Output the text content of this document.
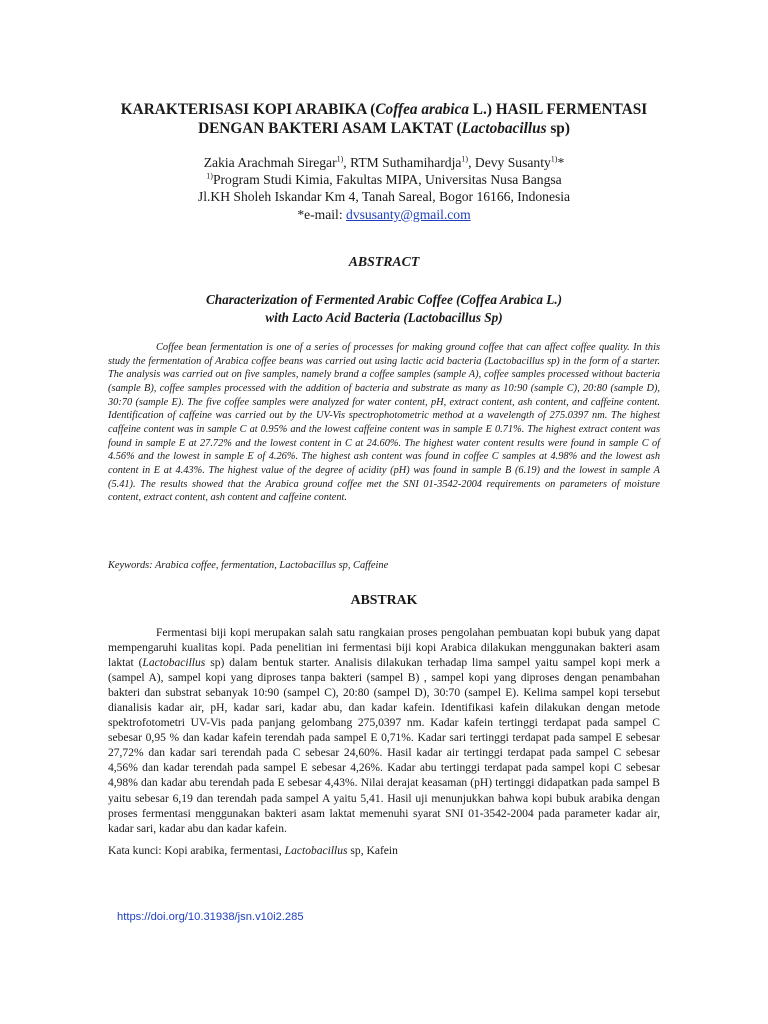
KARAKTERISASI KOPI ARABIKA (Coffea arabica L.) HASIL FERMENTASI
DENGAN BAKTERI ASAM LAKTAT (Lactobacillus sp)
Zakia Arachmah Siregar$^{1)}$, RTM Suthamihardja$^{1)}$, Devy Susanty$^{1)}$*
$^{1)}$Program Studi Kimia, Fakultas MIPA, Universitas Nusa Bangsa
Jl.KH Sholeh Iskandar Km 4, Tanah Sareal, Bogor 16166, Indonesia
*e-mail: dvsusanty@gmail.com
ABSTRACT
Characterization of Fermented Arabic Coffee (Coffea Arabica L.)
with Lacto Acid Bacteria (Lactobacillus Sp)

Coffee bean fermentation is one of a series of processes for making ground coffee that can affect coffee quality. In this study the fermentation of Arabica coffee beans was carried out using lactic acid bacteria (Lactobacillus sp) in the form of a starter. The analysis was carried out on five samples, namely brand a coffee samples (sample A), coffee samples processed without bacteria (sample B), coffee samples processed with the addition of bacteria and substrate as many as 10:90 (sample C), 20:80 (sample D), 30:70 (sample E). The five coffee samples were analyzed for water content, pH, extract content, ash content, and caffeine content. Identification of caffeine was carried out by the UV-Vis spectrophotometric method at a wavelength of 275.0397 nm. The highest caffeine content was in sample C at 0.95% and the lowest caffeine content was in sample E 0.71%. The highest extract content was found in sample E at 27.72% and the lowest content in C at 24.60%. The highest water content results were found in sample C of 4.56% and the lowest in sample E of 4.26%. The highest ash content was found in coffee C samples at 4.98% and the lowest ash content in E at 4.43%. The highest value of the degree of acidity (pH) was found in sample B (6.19) and the lowest in sample A (5.41). The results showed that the Arabica ground coffee met the SNI 01-3542-2004 requirements on parameters of moisture content, extract content, ash content and caffeine content.

Keywords: Arabica coffee, fermentation, Lactobacillus sp, Caffeine

ABSTRAK

Fermentasi biji kopi merupakan salah satu rangkaian proses pengolahan pembuatan kopi bubuk yang dapat mempengaruhi kualitas kopi. Pada penelitian ini fermentasi biji kopi Arabica dilakukan menggunakan bakteri asam laktat (Lactobacillus sp) dalam bentuk starter. Analisis dilakukan terhadap lima sampel yaitu sampel kopi merk a (sampel A), sampel kopi yang diproses tanpa bakteri (sampel B) , sampel kopi yang diproses dengan penambahan bakteri dan substrat sebanyak 10:90 (sampel C), 20:80 (sampel D), 30:70 (sampel E). Kelima sampel kopi tersebut dianalisis kadar air, pH, kadar sari, kadar abu, dan kadar kafein. Identifikasi kafein dilakukan dengan metode spektrofotometri UV-Vis pada panjang gelombang 275,0397 nm. Kadar kafein tertinggi terdapat pada sampel C sebesar 0,95 % dan kadar kafein terendah pada sampel E 0,71%. Kadar sari tertinggi terdapat pada sampel E sebesar 27,72% dan kadar sari terendah pada C sebesar 24,60%. Hasil kadar air tertinggi terdapat pada sampel C sebesar 4,56% dan kadar terendah pada sampel E sebesar 4,26%. Kadar abu tertinggi terdapat pada sampel kopi C sebesar 4,98% dan kadar abu terendah pada E sebesar 4,43%. Nilai derajat keasaman (pH) tertinggi didapatkan pada sampel B yaitu sebesar 6,19 dan terendah pada sampel A yaitu 5,41. Hasil uji menunjukkan bahwa kopi bubuk arabika dengan proses fermentasi menggunakan bakteri asam laktat memenuhi syarat SNI 01-3542-2004 pada parameter kadar air, kadar sari, kadar abu dan kadar kafein.

Kata kunci: Kopi arabika, fermentasi, Lactobacillus sp, Kafein

https://doi.org/10.31938/jsn.v10i2.285
